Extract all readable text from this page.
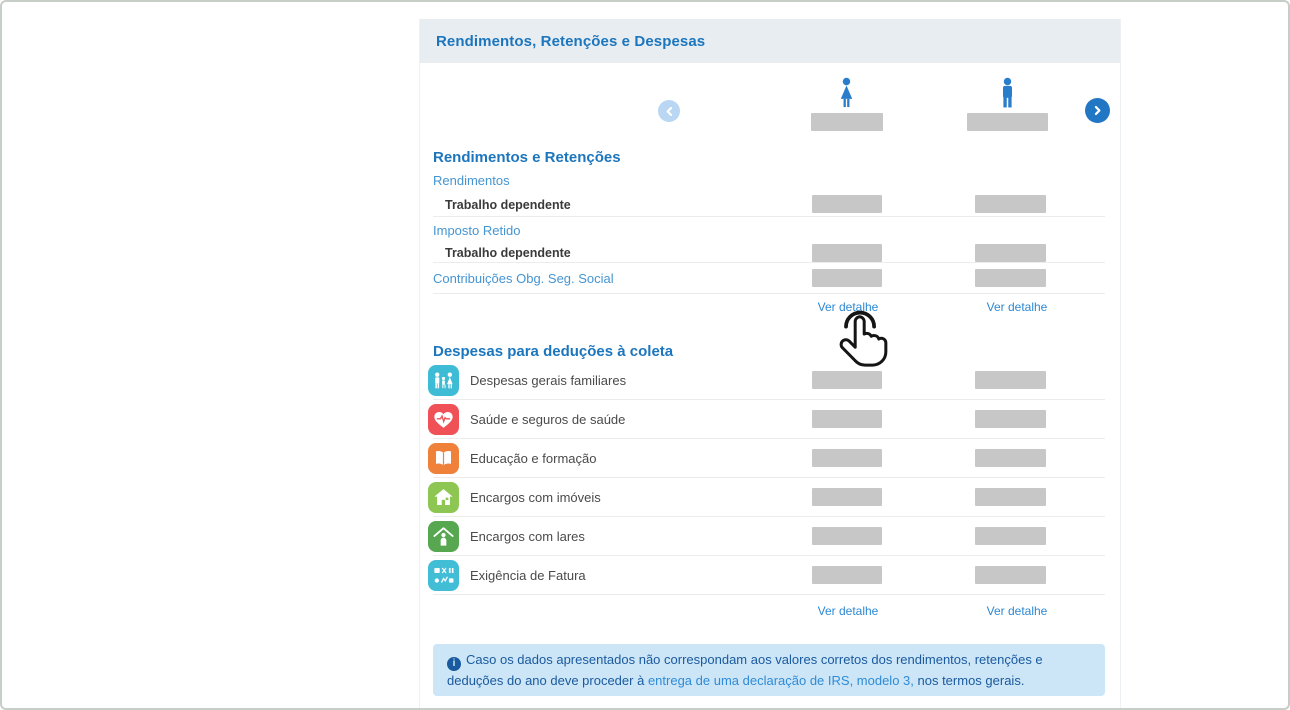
Rendimentos, Retenções e Despesas
Rendimentos e Retenções
Rendimentos
Trabalho dependente
Imposto Retido
Trabalho dependente
Contribuições Obg. Seg. Social
Ver detalhe	Ver detalhe
Despesas para deduções à coleta
Despesas gerais familiares
Saúde e seguros de saúde
Educação e formação
Encargos com imóveis
Encargos com lares
Exigência de Fatura
Ver detalhe	Ver detalhe
i Caso os dados apresentados não correspondam aos valores corretos dos rendimentos, retenções e deduções do ano deve proceder à entrega de uma declaração de IRS, modelo 3, nos termos gerais.
